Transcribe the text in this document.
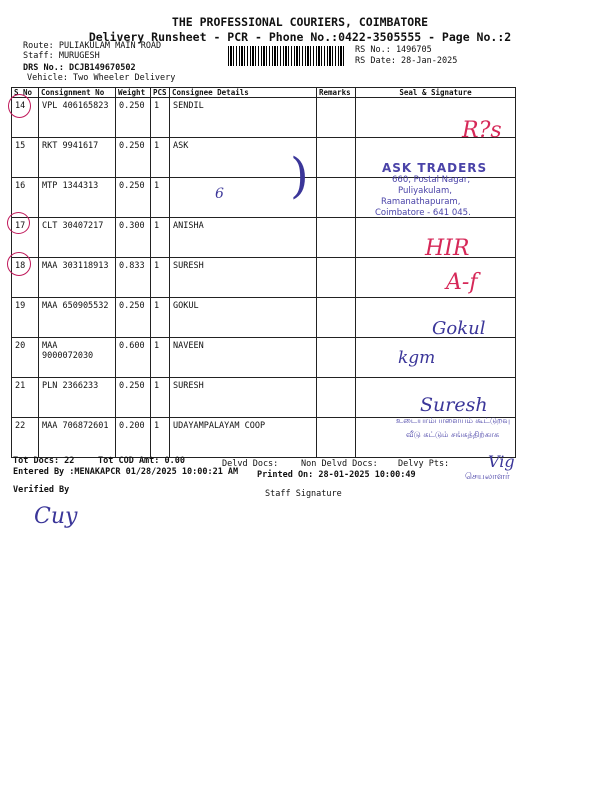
THE PROFESSIONAL COURIERS, COIMBATORE
Delivery Runsheet - PCR - Phone No.:0422-3505555 - Page No.:2
Route: PULIAKULAM MAIN ROAD
Staff: MURUGESH
DRS No.: DCJB149670502
Vehicle: Two Wheeler Delivery
RS No.: 1496705
RS Date: 28-Jan-2025
S No	Consignment No	Weight	PCS	Consignee Details	Remarks	Seal & Signature
14	VPL 406165823	0.250	1	SENDIL		
15	RKT 9941617	0.250	1	ASK		
16	MTP 1344313	0.250	1			
17	CLT 30407217	0.300	1	ANISHA		
18	MAA 303118913	0.833	1	SURESH		
19	MAA 650905532	0.250	1	GOKUL		
20	MAA 9000072030	0.600	1	NAVEEN		
21	PLN 2366233	0.250	1	SURESH		
22	MAA 706872601	0.200	1	UDAYAMPALAYAM COOP		
R?s
6 )
HIR
A-f
Gokul
kgm
Suresh
Vig
Cuy
ASK TRADERS
660, Postal Nagar,
Puliyakulam,
Ramanathapuram,
Coimbatore - 641 045.
உடையாம்பாளையம் கூட்டுறவு
வீடு கட்டும் சங்கத்திற்காக
செயலாளர்
Tot Docs: 22	Tot COD Amt: 0.00	Delvd Docs:	Non Delvd Docs: Delvy Pts:
Entered By :MENAKAPCR 01/28/2025 10:00:21 AM Printed On: 28-01-2025 10:00:49
Verified By	Staff Signature
